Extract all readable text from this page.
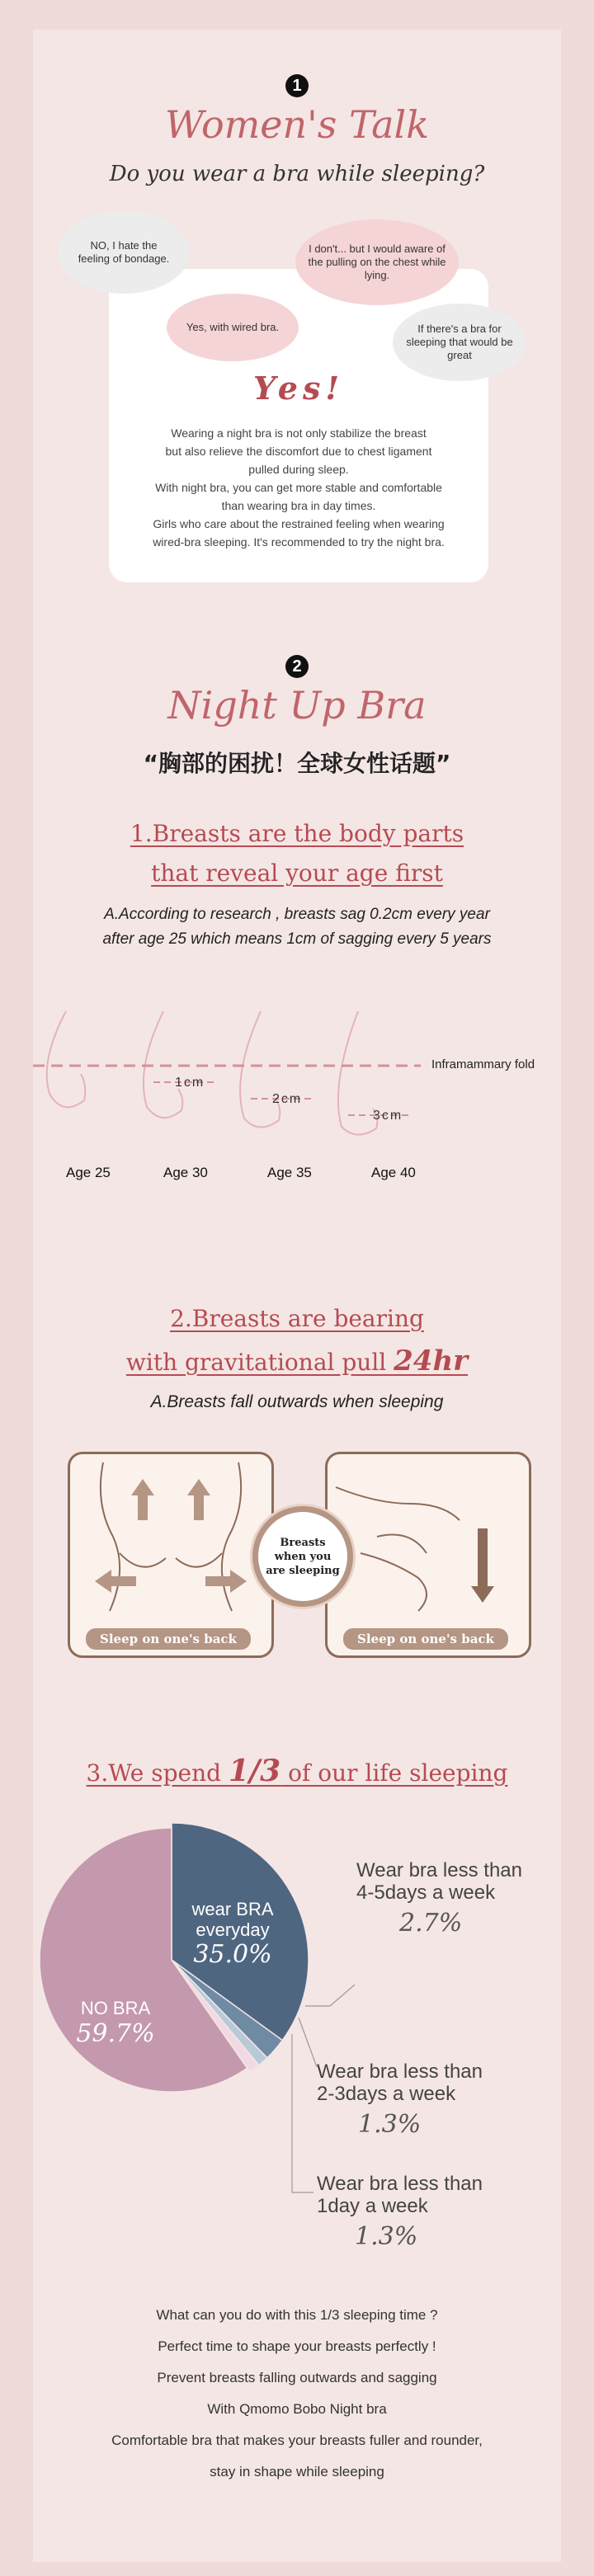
1
Women's Talk
Do you wear a bra while sleeping?
NO, I hate the feeling of bondage.
I don't... but I would aware of the pulling on the chest while lying.
Yes, with wired bra.	If there's a bra for sleeping that would be great
Yes!
Wearing a night bra is not only stabilize the breast
but also relieve the discomfort due to chest ligament
pulled during sleep.
With night bra, you can get more stable and comfortable
than wearing bra in day times.
Girls who care about the restrained feeling when wearing
wired-bra sleeping. It's recommended to try the night bra.
2
Night Up Bra
“胸部的困扰！全球女性话题”
1.Breasts are the body parts
that reveal your age first
A.According to research , breasts sag 0.2cm every year
after age 25 which means 1cm of sagging every 5 years
Inframammary fold
1cm
2cm
3cm
Age 25	Age 30	Age 35	Age 40
2.Breasts are bearing
with gravitational pull 24hr
A.Breasts fall outwards when sleeping
Sleep on one's back	Sleep on one's back
Breasts when you are sleeping
3.We spend 1/3 of our life sleeping
wear BRA everyday
35.0%
NO BRA
59.7%
Wear bra less than
4-5days a week
2.7%
Wear bra less than
2-3days a week
1.3%
Wear bra less than
1day a week
1.3%
What can you do with this 1/3 sleeping time ?
Perfect time to shape your breasts perfectly !
Prevent breasts falling outwards and sagging
With Qmomo Bobo Night bra
Comfortable bra that makes your breasts fuller and rounder,
stay in shape while sleeping
